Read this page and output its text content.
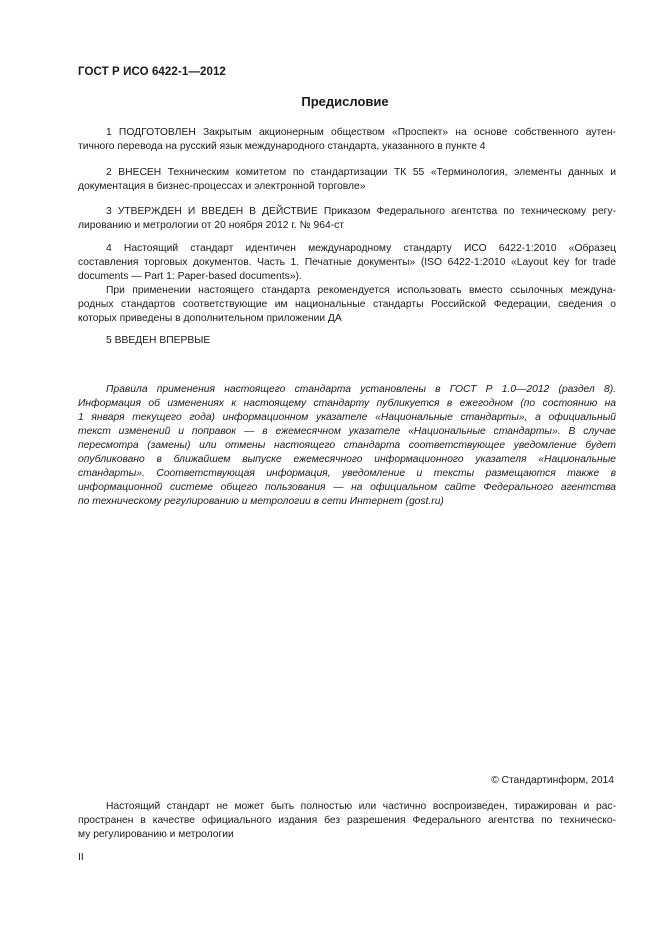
ГОСТ Р ИСО 6422-1—2012
Предисловие
1 ПОДГОТОВЛЕН Закрытым акционерным обществом «Проспект» на основе собственного аутен-
тичного перевода на русский язык международного стандарта, указанного в пункте 4
2 ВНЕСЕН Техническим комитетом по стандартизации ТК 55 «Терминология, элементы данных и
документация в бизнес-процессах и электронной торговле»
3 УТВЕРЖДЕН И ВВЕДЕН В ДЕЙСТВИЕ Приказом Федерального агентства по техническому регу-
лированию и метрологии от 20 ноября 2012 г. № 964-ст
4 Настоящий стандарт идентичен международному стандарту ИСО 6422-1:2010 «Образец
составления торговых документов. Часть 1. Печатные документы» (ISO 6422-1:2010 «Layout key for trade
documents — Part 1: Paper-based documents»).
При применении настоящего стандарта рекомендуется использовать вместо ссылочных междуна-
родных стандартов соответствующие им национальные стандарты Российской Федерации, сведения о
которых приведены в дополнительном приложении ДА
5 ВВЕДЕН ВПЕРВЫЕ
Правила применения настоящего стандарта установлены в ГОСТ Р 1.0—2012 (раздел 8).
Информация об изменениях к настоящему стандарту публикуется в ежегодном (по состоянию на
1 января текущего года) информационном указателе «Национальные стандарты», а официальный
текст изменений и поправок — в ежемесячном указателе «Национальные стандарты». В случае
пересмотра (замены) или отмены настоящего стандарта соответствующее уведомление будет
опубликовано в ближайшем выпуске ежемесячного информационного указателя «Национальные
стандарты». Соответствующая информация, уведомление и тексты размещаются также в
информационной системе общего пользования — на официальном сайте Федерального агентства
по техническому регулированию и метрологии в сети Интернет (gost.ru)
© Стандартинформ, 2014
Настоящий стандарт не может быть полностью или частично воспроизведен, тиражирован и рас-
пространен в качестве официального издания без разрешения Федерального агентства по техническо-
му регулированию и метрологии
II
